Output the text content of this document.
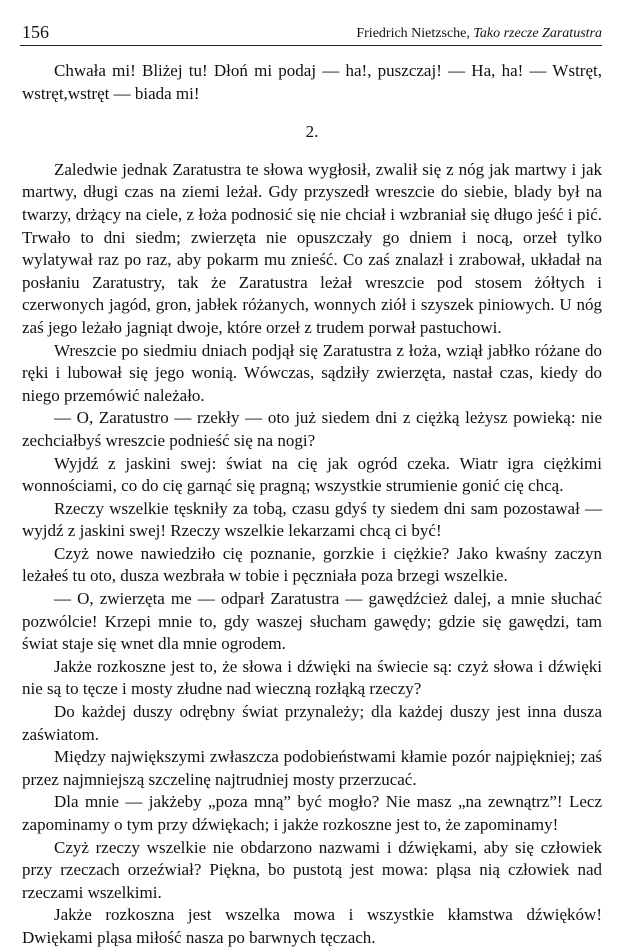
156	Friedrich Nietzsche, Tako rzecze Zaratustra

Chwała mi! Bliżej tu! Dłoń mi podaj — ha!, puszczaj! — Ha, ha! — Wstręt, wstręt,wstręt — biada mi!

2.

Zaledwie jednak Zaratustra te słowa wygłosił, zwalił się z nóg jak martwy i jak martwy, długi czas na ziemi leżał. Gdy przyszedł wreszcie do siebie, blady był na twarzy, drżący na ciele, z łoża podnosić się nie chciał i wzbraniał się długo jeść i pić. Trwało to dni siedm; zwierzęta nie opuszczały go dniem i nocą, orzeł tylko wylatywał raz po raz, aby pokarm mu znieść. Co zaś znalazł i zrabował, układał na posłaniu Zaratustry, tak że Zaratustra leżał wreszcie pod stosem żółtych i czerwonych jagód, gron, jabłek różanych, wonnych ziół i szyszek piniowych. U nóg zaś jego leżało jagniąt dwoje, które orzeł z trudem porwał pastuchowi.

Wreszcie po siedmiu dniach podjął się Zaratustra z łoża, wziął jabłko różane do ręki i lubował się jego wonią. Wówczas, sądziły zwierzęta, nastał czas, kiedy do niego przemówić należało.

— O, Zaratustro — rzekły — oto już siedem dni z ciężką leżysz powieką: nie zechciałbyś wreszcie podnieść się na nogi?

Wyjdź z jaskini swej: świat na cię jak ogród czeka. Wiatr igra ciężkimi wonnościami, co do cię garnąć się pragną; wszystkie strumienie gonić cię chcą.

Rzeczy wszelkie tęskniły za tobą, czasu gdyś ty siedem dni sam pozostawał — wyjdź z jaskini swej! Rzeczy wszelkie lekarzami chcą ci być!

Czyż nowe nawiedziło cię poznanie, gorzkie i ciężkie? Jako kwaśny zaczyn leżałeś tu oto, dusza wezbrała w tobie i pęczniała poza brzegi wszelkie.

— O, zwierzęta me — odparł Zaratustra — gawędźcież dalej, a mnie słuchać pozwólcie! Krzepi mnie to, gdy waszej słucham gawędy; gdzie się gawędzi, tam świat staje się wnet dla mnie ogrodem.

Jakże rozkoszne jest to, że słowa i dźwięki na świecie są: czyż słowa i dźwięki nie są to tęcze i mosty złudne nad wieczną rozłąką rzeczy?

Do każdej duszy odrębny świat przynależy; dla każdej duszy jest inna dusza zaświatom.

Między największymi zwłaszcza podobieństwami kłamie pozór najpiękniej; zaś przez najmniejszą szczelinę najtrudniej mosty przerzucać.

Dla mnie — jakżeby „poza mną” być mogło? Nie masz „na zewnątrz”! Lecz zapominamy o tym przy dźwiękach; i jakże rozkoszne jest to, że zapominamy!

Czyż rzeczy wszelkie nie obdarzono nazwami i dźwiękami, aby się człowiek przy rzeczach orzeźwiał? Piękna, bo pustotą jest mowa: pląsa nią człowiek nad rzeczami wszelkimi.

Jakże rozkoszna jest wszelka mowa i wszystkie kłamstwa dźwięków! Dwiękami pląsa miłość nasza po barwnych tęczach.
